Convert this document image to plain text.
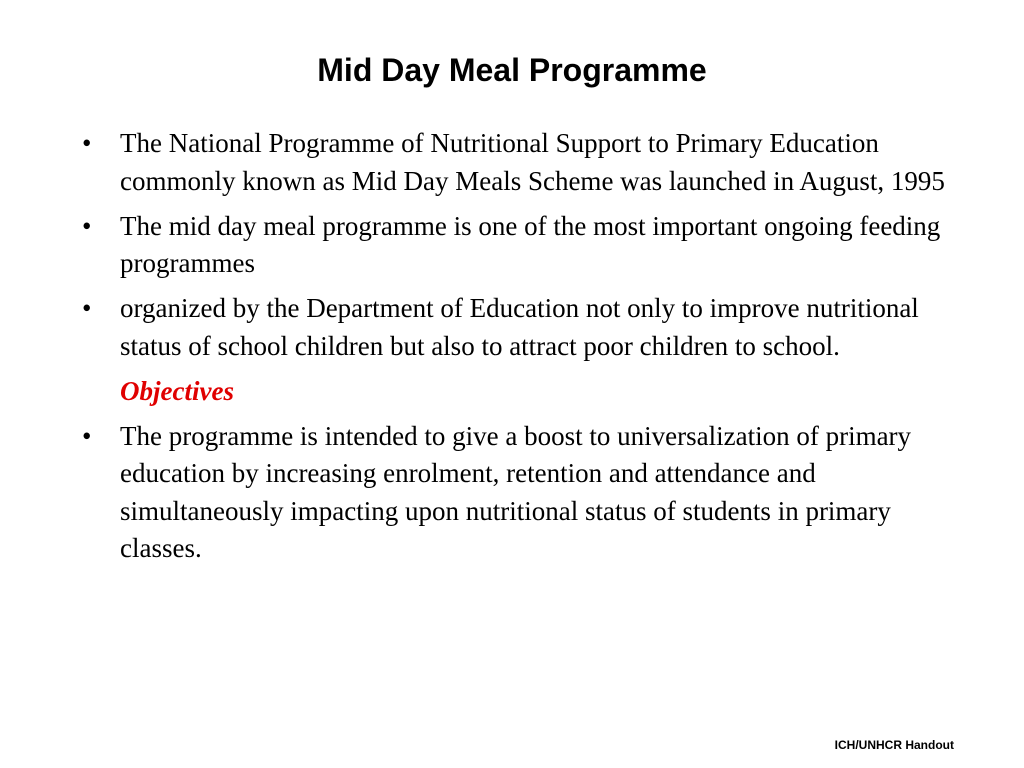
Mid Day Meal Programme
• The National Programme of Nutritional Support to Primary Education commonly known as Mid Day Meals Scheme was launched in August, 1995
• The mid day meal programme is one of the most important ongoing feeding programmes
• organized by the Department of Education not only to improve nutritional status of school children but also to attract poor children to school.
Objectives
• The programme is intended to give a boost to universalization of primary education by increasing enrolment, retention and attendance and simultaneously impacting upon nutritional status of students in primary classes.
ICH/UNHCR Handout
